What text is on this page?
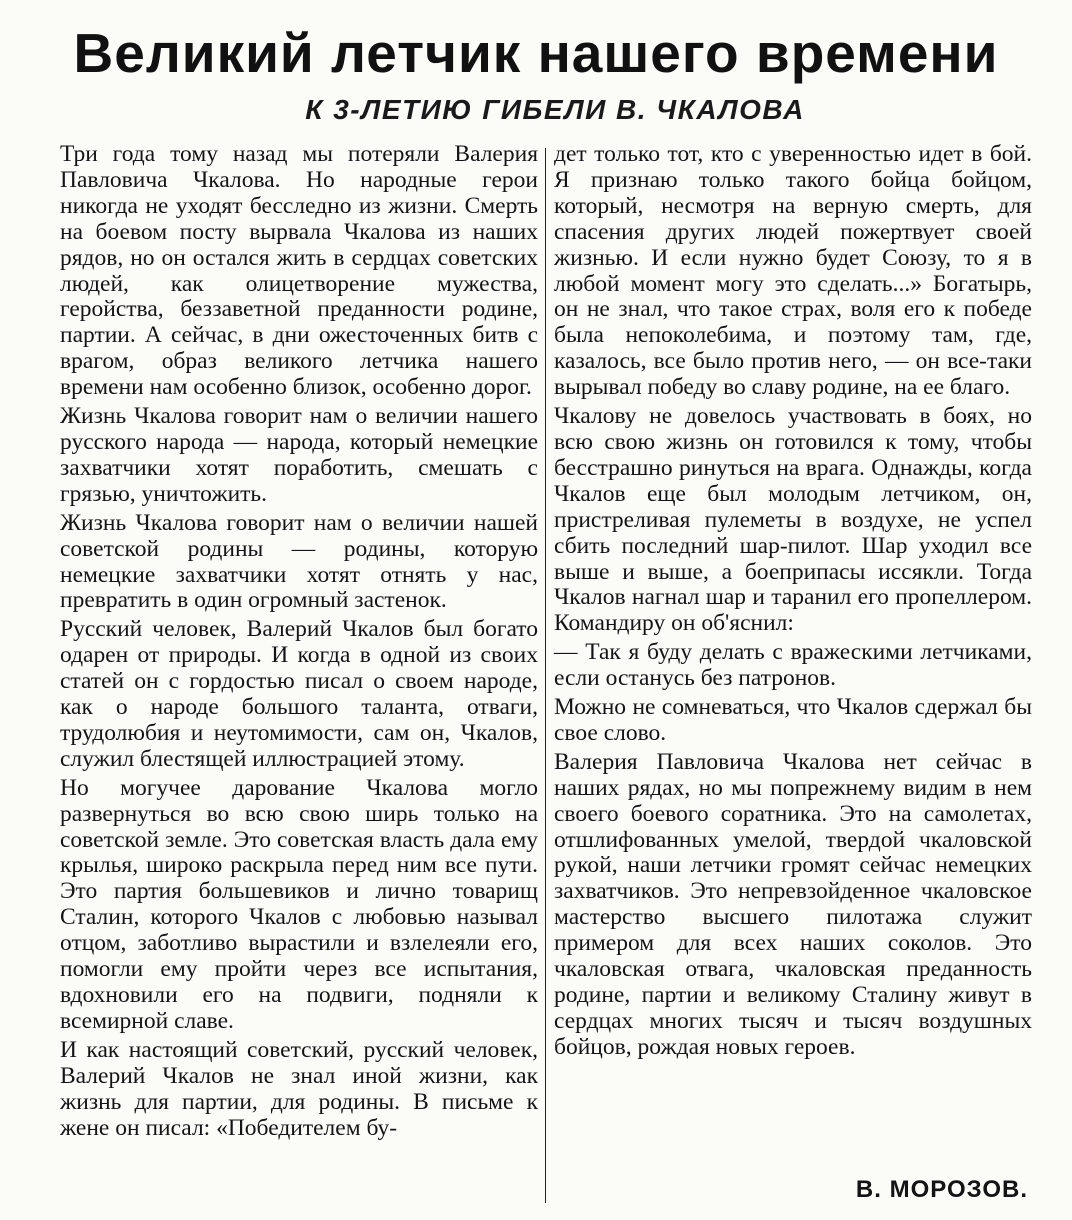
Великий летчик нашего времени
К 3-ЛЕТИЮ ГИБЕЛИ В. ЧКАЛОВА

Три года тому назад мы потеряли Валерия Павловича Чкалова. Но народные герои никогда не уходят бесследно из жизни. Смерть на боевом посту вырвала Чкалова из наших рядов, но он остался жить в сердцах советских людей, как олицетворение мужества, геройства, беззаветной преданности родине, партии. А сейчас, в дни ожесточенных битв с врагом, образ великого летчика нашего времени нам особенно близок, особенно дорог.

Жизнь Чкалова говорит нам о величии нашего русского народа — народа, который немецкие захватчики хотят поработить, смешать с грязью, уничтожить.

Жизнь Чкалова говорит нам о величии нашей советской родины — родины, которую немецкие захватчики хотят отнять у нас, превратить в один огромный застенок.

Русский человек, Валерий Чкалов был богато одарен от природы. И когда в одной из своих статей он с гордостью писал о своем народе, как о народе большого таланта, отваги, трудолюбия и неутомимости, сам он, Чкалов, служил блестящей иллюстрацией этому.

Но могучее дарование Чкалова могло развернуться во всю свою ширь только на советской земле. Это советская власть дала ему крылья, широко раскрыла перед ним все пути. Это партия большевиков и лично товарищ Сталин, которого Чкалов с любовью называл отцом, заботливо вырастили и взлелеяли его, помогли ему пройти через все испытания, вдохновили его на подвиги, подняли к всемирной славе.

И как настоящий советский, русский человек, Валерий Чкалов не знал иной жизни, как жизнь для партии, для родины. В письме к жене он писал: «Победителем бу-

дет только тот, кто с уверенностью идет в бой. Я признаю только такого бойца бойцом, который, несмотря на верную смерть, для спасения других людей пожертвует своей жизнью. И если нужно будет Союзу, то я в любой момент могу это сделать...» Богатырь, он не знал, что такое страх, воля его к победе была непоколебима, и поэтому там, где, казалось, все было против него, — он все-таки вырывал победу во славу родине, на ее благо.

Чкалову не довелось участвовать в боях, но всю свою жизнь он готовился к тому, чтобы бесстрашно ринуться на врага. Однажды, когда Чкалов еще был молодым летчиком, он, пристреливая пулеметы в воздухе, не успел сбить последний шар-пилот. Шар уходил все выше и выше, а боеприпасы иссякли. Тогда Чкалов нагнал шар и таранил его пропеллером. Командиру он об'яснил:

— Так я буду делать с вражескими летчиками, если останусь без патронов.

Можно не сомневаться, что Чкалов сдержал бы свое слово.

Валерия Павловича Чкалова нет сейчас в наших рядах, но мы попрежнему видим в нем своего боевого соратника. Это на самолетах, отшлифованных умелой, твердой чкаловской рукой, наши летчики громят сейчас немецких захватчиков. Это непревзойденное чкаловское мастерство высшего пилотажа служит примером для всех наших соколов. Это чкаловская отвага, чкаловская преданность родине, партии и великому Сталину живут в сердцах многих тысяч и тысяч воздушных бойцов, рождая новых героев.

В. МОРОЗОВ.
